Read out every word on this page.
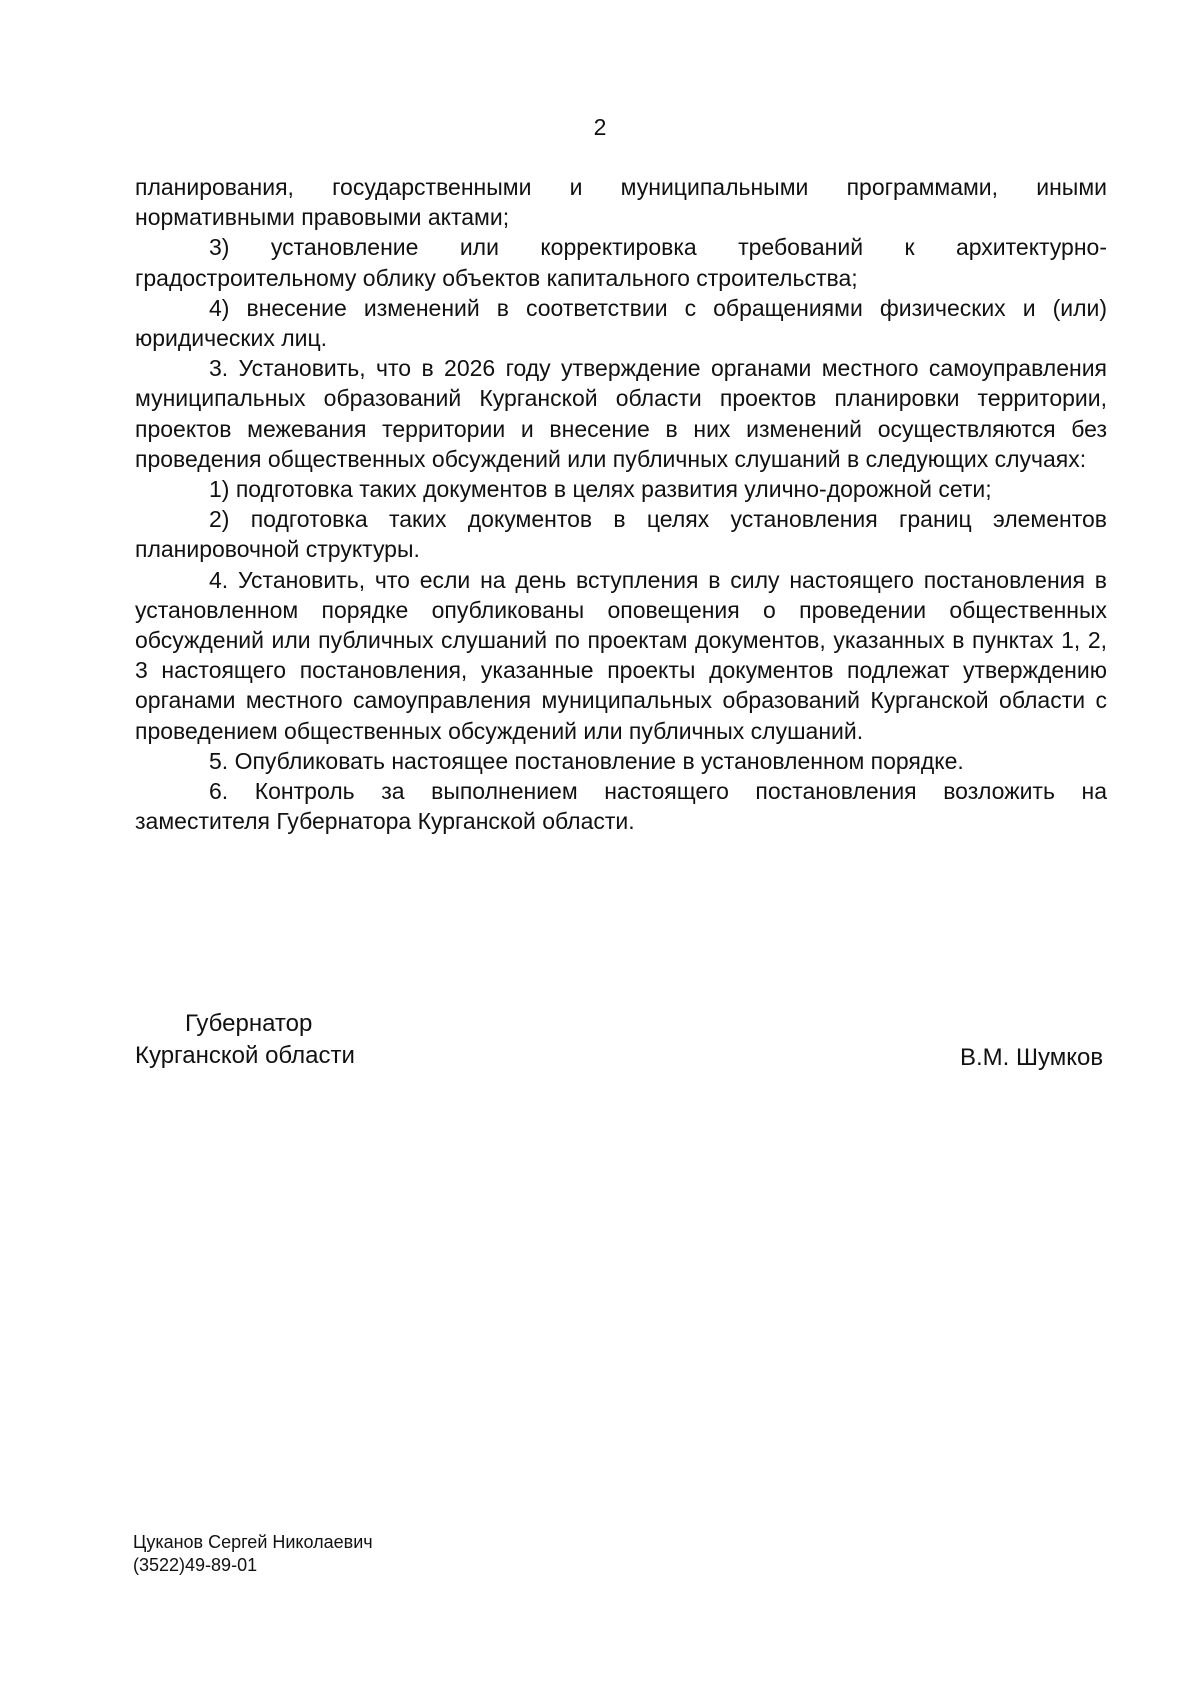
2

планирования, государственными и муниципальными программами, иными нормативными правовыми актами;

3) установление или корректировка требований к архитектурно-градостроительному облику объектов капитального строительства;

4) внесение изменений в соответствии с обращениями физических и (или) юридических лиц.

3. Установить, что в 2026 году утверждение органами местного самоуправления муниципальных образований Курганской области проектов планировки территории, проектов межевания территории и внесение в них изменений осуществляются без проведения общественных обсуждений или публичных слушаний в следующих случаях:

1) подготовка таких документов в целях развития улично-дорожной сети;

2) подготовка таких документов в целях установления границ элементов планировочной структуры.

4. Установить, что если на день вступления в силу настоящего постановления в установленном порядке опубликованы оповещения о проведении общественных обсуждений или публичных слушаний по проектам документов, указанных в пунктах 1, 2, 3 настоящего постановления, указанные проекты документов подлежат утверждению органами местного самоуправления муниципальных образований Курганской области с проведением общественных обсуждений или публичных слушаний.

5. Опубликовать настоящее постановление в установленном порядке.

6. Контроль за выполнением настоящего постановления возложить на заместителя Губернатора Курганской области.

Губернатор
Курганской области	В.М. Шумков
Цуканов Сергей Николаевич
(3522)49-89-01
